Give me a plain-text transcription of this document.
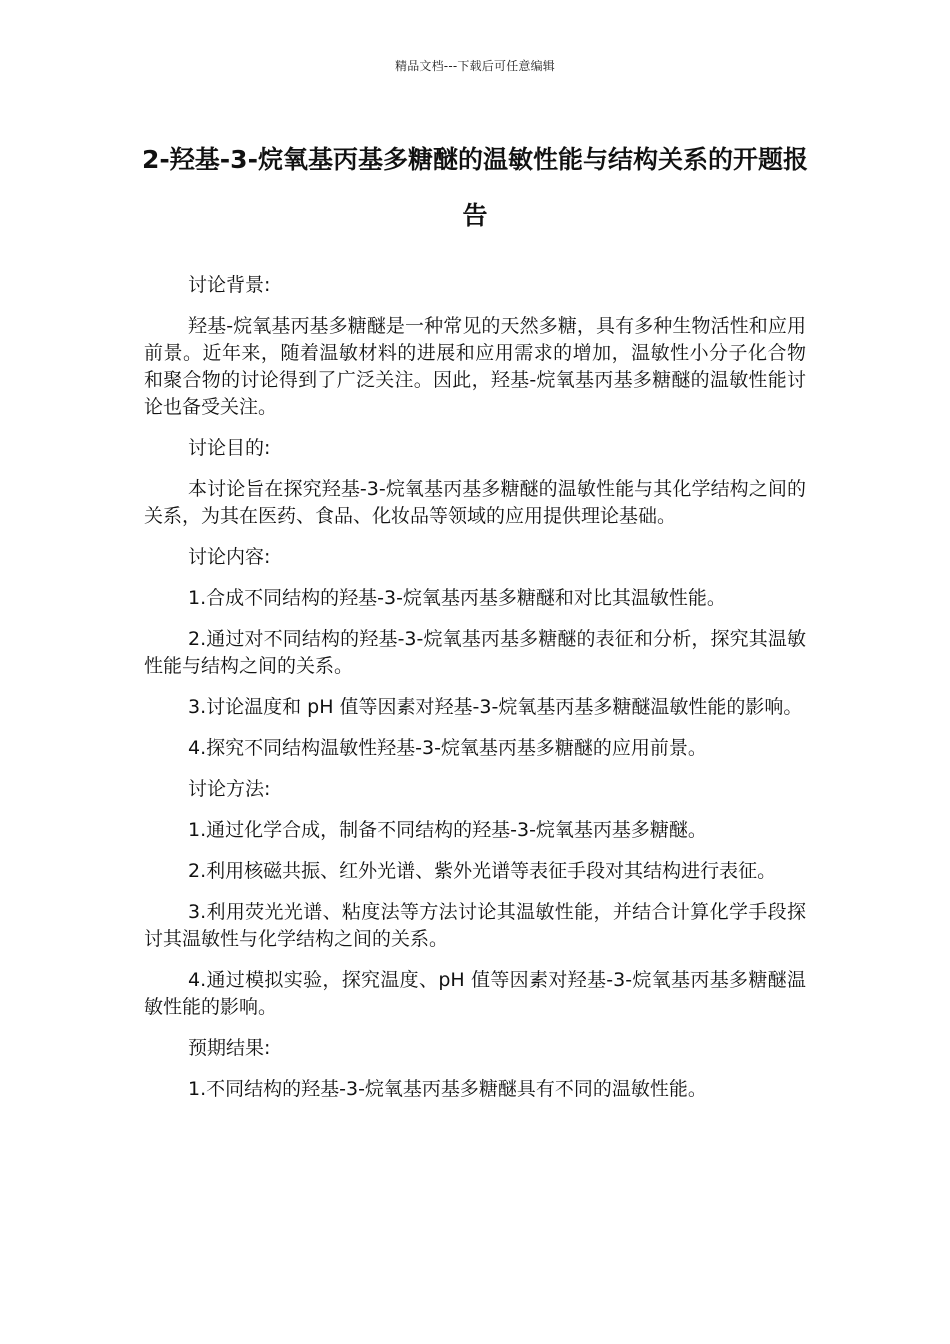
精品文档---下载后可任意编辑
2-羟基-3-烷氧基丙基多糖醚的温敏性能与结构关系的开题报告

讨论背景:

羟基-烷氧基丙基多糖醚是一种常见的天然多糖，具有多种生物活性和应用前景。近年来，随着温敏材料的进展和应用需求的增加，温敏性小分子化合物和聚合物的讨论得到了广泛关注。因此，羟基-烷氧基丙基多糖醚的温敏性能讨论也备受关注。

讨论目的:

本讨论旨在探究羟基-3-烷氧基丙基多糖醚的温敏性能与其化学结构之间的关系，为其在医药、食品、化妆品等领域的应用提供理论基础。

讨论内容:

1.合成不同结构的羟基-3-烷氧基丙基多糖醚和对比其温敏性能。

2.通过对不同结构的羟基-3-烷氧基丙基多糖醚的表征和分析，探究其温敏性能与结构之间的关系。

3.讨论温度和 pH 值等因素对羟基-3-烷氧基丙基多糖醚温敏性能的影响。

4.探究不同结构温敏性羟基-3-烷氧基丙基多糖醚的应用前景。

讨论方法:

1.通过化学合成，制备不同结构的羟基-3-烷氧基丙基多糖醚。

2.利用核磁共振、红外光谱、紫外光谱等表征手段对其结构进行表征。

3.利用荧光光谱、粘度法等方法讨论其温敏性能，并结合计算化学手段探讨其温敏性与化学结构之间的关系。

4.通过模拟实验，探究温度、pH 值等因素对羟基-3-烷氧基丙基多糖醚温敏性能的影响。

预期结果:

1.不同结构的羟基-3-烷氧基丙基多糖醚具有不同的温敏性能。
